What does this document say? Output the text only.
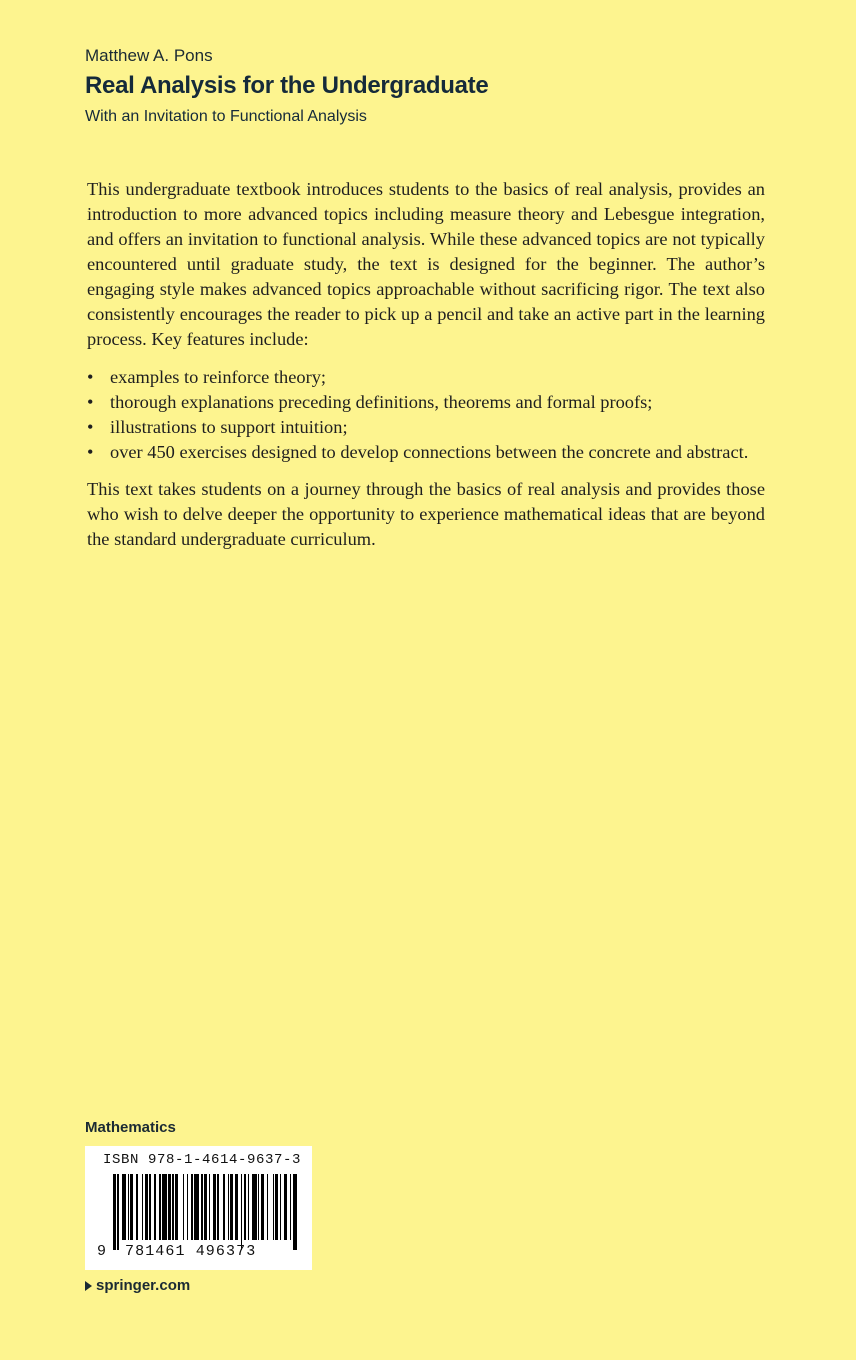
Matthew A. Pons
Real Analysis for the Undergraduate
With an Invitation to Functional Analysis

This undergraduate textbook introduces students to the basics of real analysis, provides an introduction to more advanced topics including measure theory and Lebesgue integration, and offers an invitation to functional analysis. While these advanced topics are not typically encountered until graduate study, the text is designed for the beginner. The author’s engaging style makes advanced topics approachable without sacrificing rigor. The text also consistently encourages the reader to pick up a pencil and take an active part in the learning process. Key features include:

• examples to reinforce theory;
• thorough explanations preceding definitions, theorems and formal proofs;
• illustrations to support intuition;
• over 450 exercises designed to develop connections between the concrete and abstract.

This text takes students on a journey through the basics of real analysis and provides those who wish to delve deeper the opportunity to experience mathematical ideas that are beyond the standard undergraduate curriculum.

Mathematics
ISBN 978-1-4614-9637-3
9 781461 496373
springer.com
